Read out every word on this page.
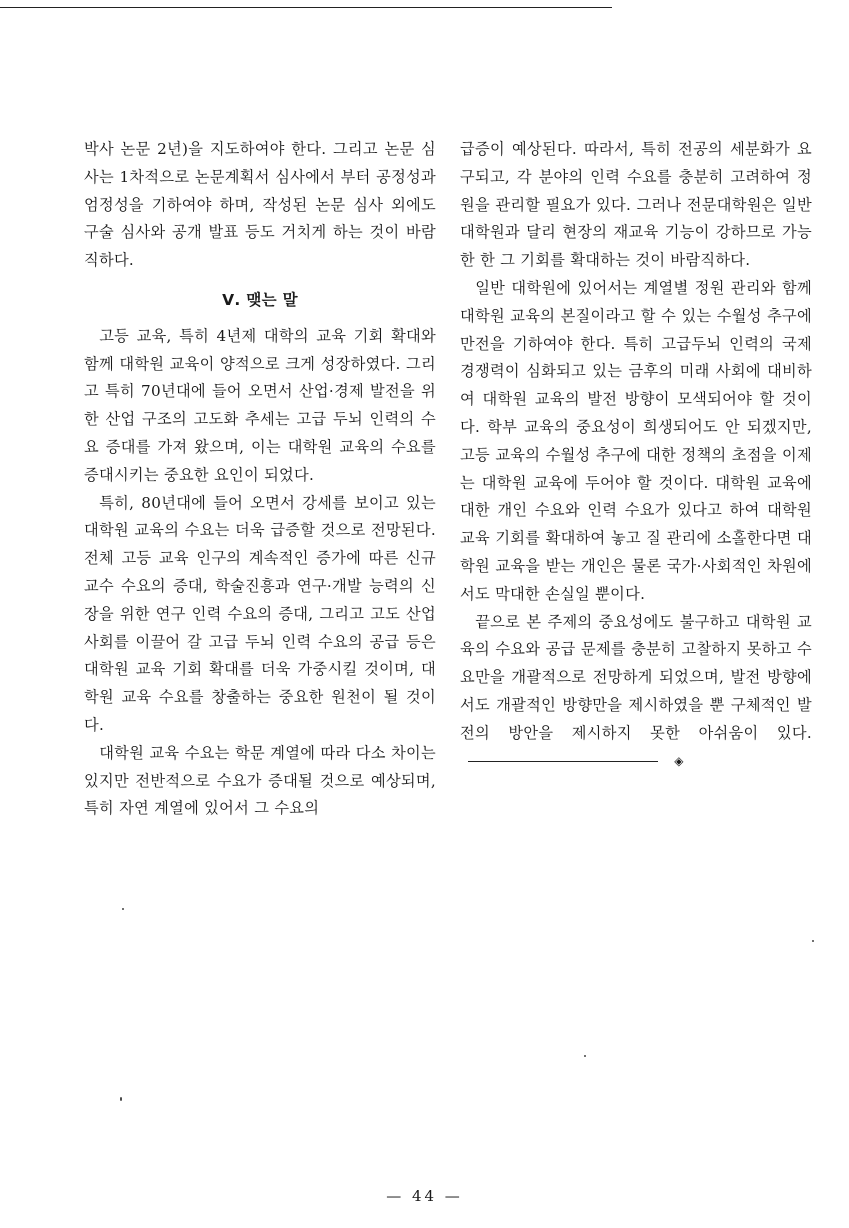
박사 논문 2년)을 지도하여야 한다. 그리고 논문 심사는 1차적으로 논문계획서 심사에서 부터 공정성과 엄정성을 기하여야 하며, 작성된 논문 심사 외에도 구술 심사와 공개 발표 등도 거치게 하는 것이 바람직하다.

Ⅴ. 맺는 말

고등 교육, 특히 4년제 대학의 교육 기회 확대와 함께 대학원 교육이 양적으로 크게 성장하였다. 그리고 특히 70년대에 들어 오면서 산업·경제 발전을 위한 산업 구조의 고도화 추세는 고급 두뇌 인력의 수요 증대를 가져 왔으며, 이는 대학원 교육의 수요를 증대시키는 중요한 요인이 되었다.

특히, 80년대에 들어 오면서 강세를 보이고 있는 대학원 교육의 수요는 더욱 급증할 것으로 전망된다. 전체 고등 교육 인구의 계속적인 증가에 따른 신규 교수 수요의 증대, 학술진흥과 연구·개발 능력의 신장을 위한 연구 인력 수요의 증대, 그리고 고도 산업 사회를 이끌어 갈 고급 두뇌 인력 수요의 공급 등은 대학원 교육 기회 확대를 더욱 가중시킬 것이며, 대학원 교육 수요를 창출하는 중요한 원천이 될 것이다.

대학원 교육 수요는 학문 계열에 따라 다소 차이는 있지만 전반적으로 수요가 증대될 것으로 예상되며, 특히 자연 계열에 있어서 그 수요의

급증이 예상된다. 따라서, 특히 전공의 세분화가 요구되고, 각 분야의 인력 수요를 충분히 고려하여 정원을 관리할 필요가 있다. 그러나 전문대학원은 일반 대학원과 달리 현장의 재교육 기능이 강하므로 가능한 한 그 기회를 확대하는 것이 바람직하다.

일반 대학원에 있어서는 계열별 정원 관리와 함께 대학원 교육의 본질이라고 할 수 있는 수월성 추구에 만전을 기하여야 한다. 특히 고급두뇌 인력의 국제 경쟁력이 심화되고 있는 금후의 미래 사회에 대비하여 대학원 교육의 발전 방향이 모색되어야 할 것이다. 학부 교육의 중요성이 희생되어도 안 되겠지만, 고등 교육의 수월성 추구에 대한 정책의 초점을 이제는 대학원 교육에 두어야 할 것이다. 대학원 교육에 대한 개인 수요와 인력 수요가 있다고 하여 대학원 교육 기회를 확대하여 놓고 질 관리에 소홀한다면 대학원 교육을 받는 개인은 물론 국가·사회적인 차원에서도 막대한 손실일 뿐이다.

끝으로 본 주제의 중요성에도 불구하고 대학원 교육의 수요와 공급 문제를 충분히 고찰하지 못하고 수요만을 개괄적으로 전망하게 되었으며, 발전 방향에서도 개괄적인 방향만을 제시하였을 뿐 구체적인 발전의 방안을 제시하지 못한 아쉬움이 있다.◈

— 44 —
